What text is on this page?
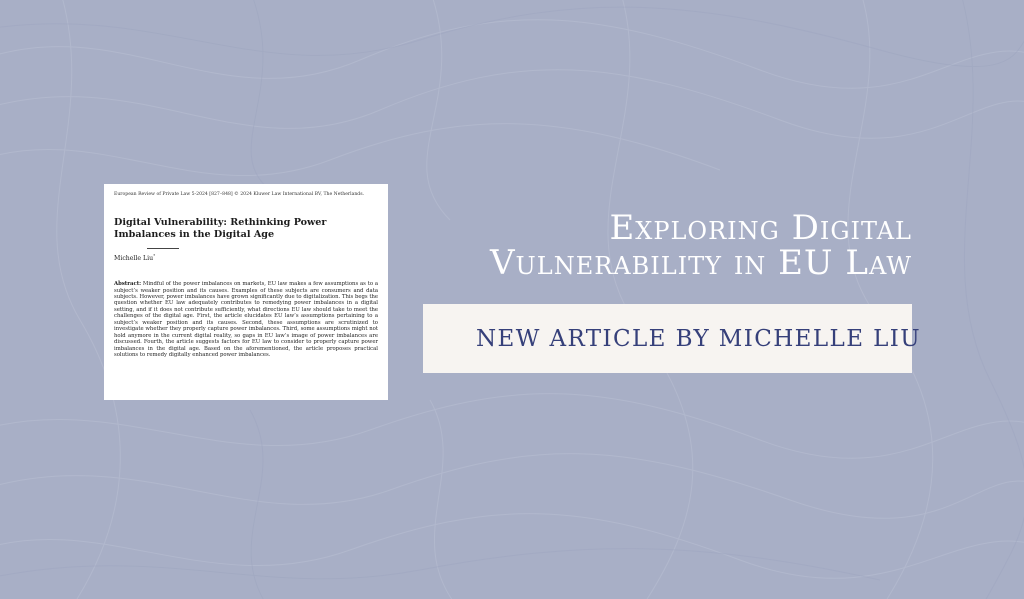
European Review of Private Law 5-2024 [827–848] © 2024 Kluwer Law International BV, The Netherlands.
Digital Vulnerability: Rethinking Power Imbalances in the Digital Age
Michelle Liu*
Abstract: Mindful of the power imbalances on markets, EU law makes a few assumptions as to a subject’s weaker position and its causes. Examples of these subjects are consumers and data subjects. However, power imbalances have grown significantly due to digitalization. This begs the question whether EU law adequately contributes to remedying power imbalances in a digital setting, and if it does not contribute sufficiently, what directions EU law should take to meet the challenges of the digital age. First, the article elucidates EU law’s assumptions pertaining to a subject’s weaker position and its causes. Second, these assumptions are scrutinized to investigate whether they properly capture power imbalances. Third, some assumptions might not hold anymore in the current digital reality, so gaps in EU law’s image of power imbalances are discussed. Fourth, the article suggests factors for EU law to consider to properly capture power imbalances in the digital age. Based on the aforementioned, the article proposes practical solutions to remedy digitally enhanced power imbalances.
Exploring Digital
Vulnerability in EU Law
NEW ARTICLE BY MICHELLE LIU
